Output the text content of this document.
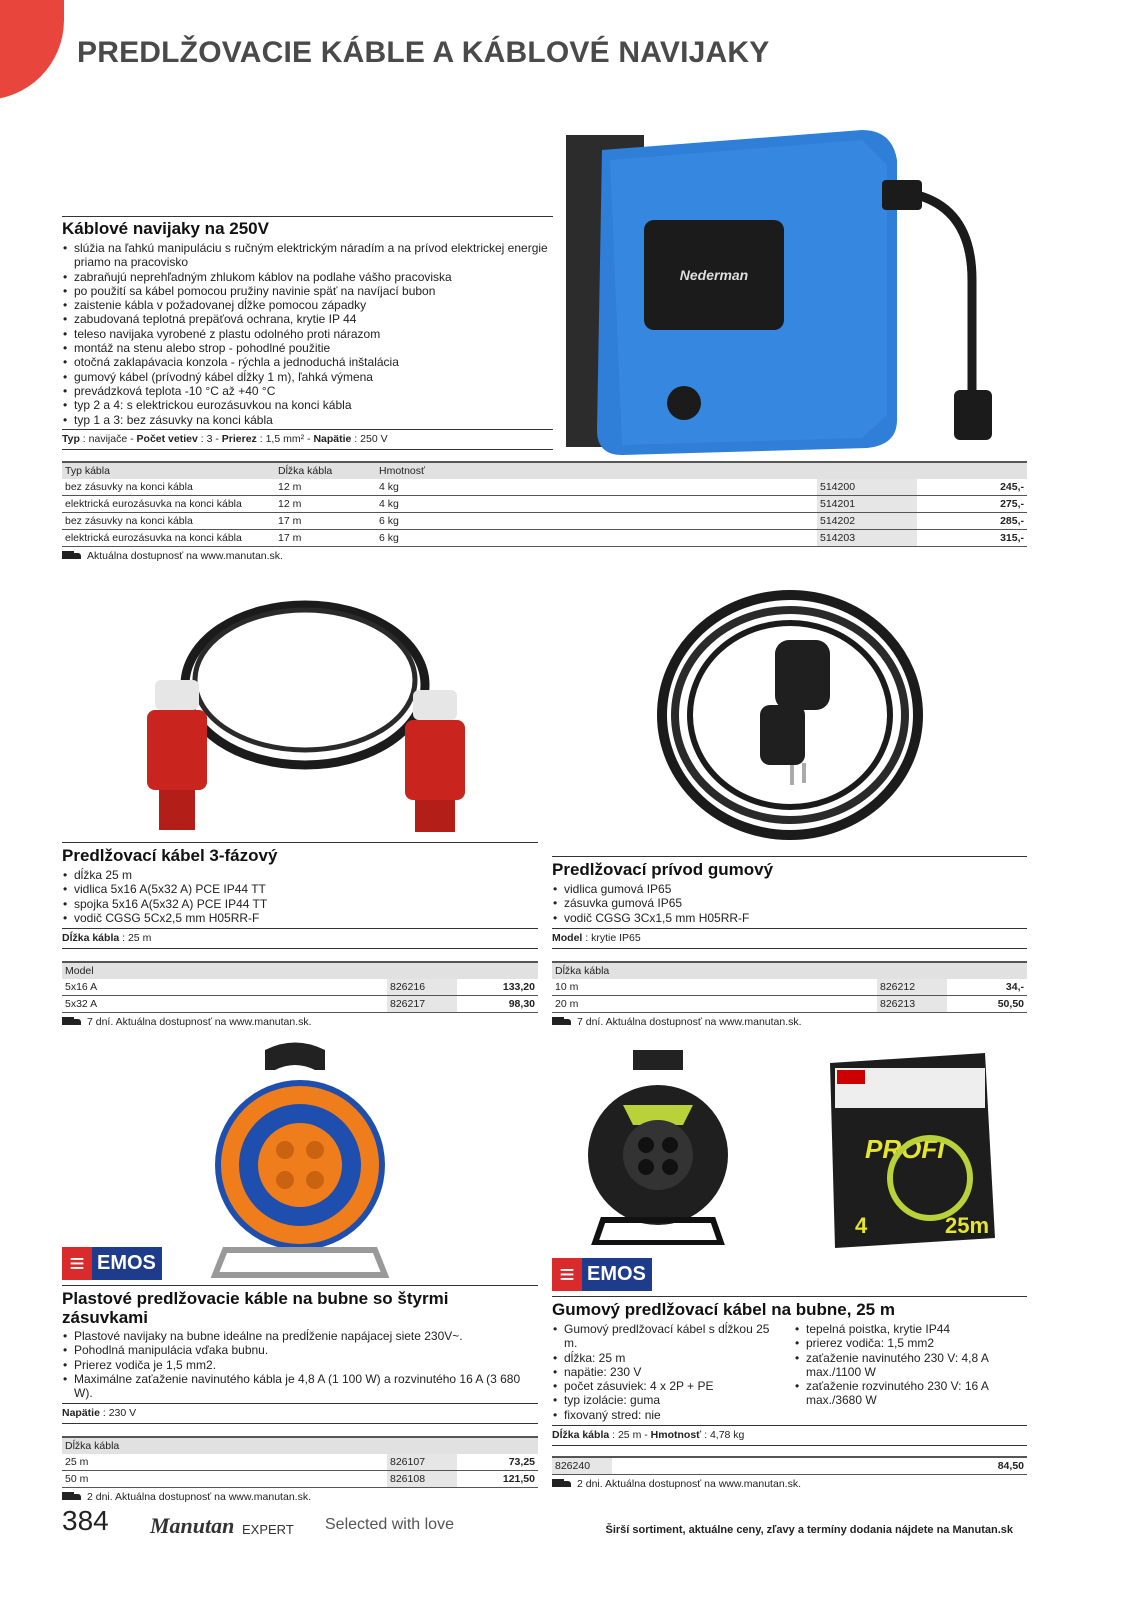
PREDLŽOVACIE KÁBLE A KÁBLOVÉ NAVIJAKY
Nederman
Káblové navijaky na 250V
• slúžia na ľahkú manipuláciu s ručným elektrickým náradím a na prívod elektrickej energie priamo na pracovisko
• zabraňujú neprehľadným zhlukom káblov na podlahe vášho pracoviska
• po použití sa kábel pomocou pružiny navinie späť na navíjací bubon
• zaistenie kábla v požadovanej dĺžke pomocou západky
• zabudovaná teplotná prepäťová ochrana, krytie IP 44
• teleso navijaka vyrobené z plastu odolného proti nárazom
• montáž na stenu alebo strop - pohodlné použitie
• otočná zaklapávacia konzola - rýchla a jednoduchá inštalácia
• gumový kábel (prívodný kábel dĺžky 1 m), ľahká výmena
• prevádzková teplota -10 °C až +40 °C
• typ 2 a 4: s elektrickou eurozásuvkou na konci kábla
• typ 1 a 3: bez zásuvky na konci kábla
Typ : navijače - Počet vetiev : 3 - Prierez : 1,5 mm² - Napätie : 250 V
Typ kábla	Dĺžka kábla	Hmotnosť		
bez zásuvky na konci kábla	12 m	4 kg	514200	245,-
elektrická eurozásuvka na konci kábla	12 m	4 kg	514201	275,-
bez zásuvky na konci kábla	17 m	6 kg	514202	285,-
elektrická eurozásuvka na konci kábla	17 m	6 kg	514203	315,-
Aktuálna dostupnosť na www.manutan.sk.
Predlžovací kábel 3-fázový
• dĺžka 25 m
• vidlica 5x16 A(5x32 A) PCE IP44 TT
• spojka 5x16 A(5x32 A) PCE IP44 TT
• vodič CGSG 5Cx2,5 mm H05RR-F
Dĺžka kábla : 25 m
Model		
5x16 A	826216	133,20
5x32 A	826217	98,30
7 dní. Aktuálna dostupnosť na www.manutan.sk.
Predlžovací prívod gumový
• vidlica gumová IP65
• zásuvka gumová IP65
• vodič CGSG 3Cx1,5 mm H05RR-F
Model : krytie IP65
Dĺžka kábla		
10 m	826212	34,-
20 m	826213	50,50
7 dní. Aktuálna dostupnosť na www.manutan.sk.
PROFI
4	25m
≡ EMOS
Plastové predlžovacie káble na bubne so štyrmi zásuvkami
• Plastové navijaky na bubne ideálne na predĺženie napájacej siete 230V~.
• Pohodlná manipulácia vďaka bubnu.
• Prierez vodiča je 1,5 mm2.
• Maximálne zaťaženie navinutého kábla je 4,8 A (1 100 W) a rozvinutého 16 A (3 680 W).
Napätie : 230 V
Dĺžka kábla		
25 m	826107	73,25
50 m	826108	121,50
2 dni. Aktuálna dostupnosť na www.manutan.sk.
≡ EMOS
Gumový predlžovací kábel na bubne, 25 m
• Gumový predlžovací kábel s dĺžkou 25 m.
• dĺžka: 25 m
• napätie: 230 V
• počet zásuviek: 4 x 2P + PE
• typ izolácie: guma
• fixovaný stred: nie
• tepelná poistka, krytie IP44
• prierez vodiča: 1,5 mm2
• zaťaženie navinutého 230 V: 4,8 A max./1100 W
• zaťaženie rozvinutého 230 V: 16 A max./3680 W
Dĺžka kábla : 25 m - Hmotnosť : 4,78 kg
826240		84,50
2 dni. Aktuálna dostupnosť na www.manutan.sk.
384 Manutan EXPERT Selected with love	Širší sortiment, aktuálne ceny, zľavy a termíny dodania nájdete na Manutan.sk
